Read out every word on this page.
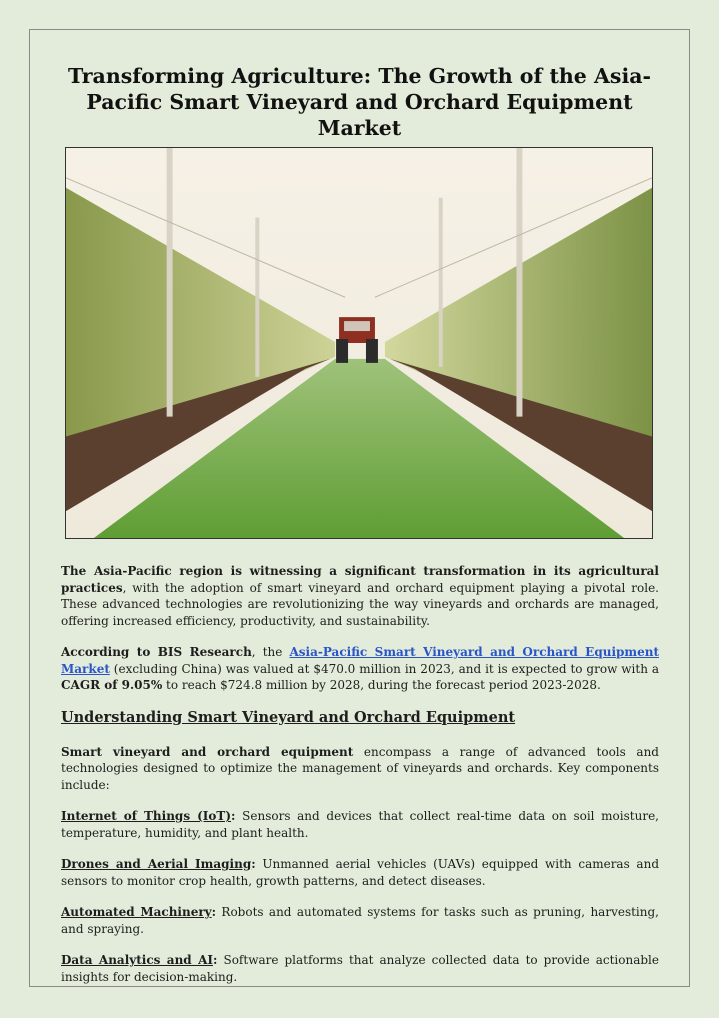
Transforming Agriculture: The Growth of the Asia-Pacific Smart Vineyard and Orchard Equipment Market

The Asia-Pacific region is witnessing a significant transformation in its agricultural practices, with the adoption of smart vineyard and orchard equipment playing a pivotal role. These advanced technologies are revolutionizing the way vineyards and orchards are managed, offering increased efficiency, productivity, and sustainability.

According to BIS Research, the Asia-Pacific Smart Vineyard and Orchard Equipment Market (excluding China) was valued at $470.0 million in 2023, and it is expected to grow with a CAGR of 9.05% to reach $724.8 million by 2028, during the forecast period 2023-2028.

Understanding Smart Vineyard and Orchard Equipment

Smart vineyard and orchard equipment encompass a range of advanced tools and technologies designed to optimize the management of vineyards and orchards. Key components include:

Internet of Things (IoT): Sensors and devices that collect real-time data on soil moisture, temperature, humidity, and plant health.

Drones and Aerial Imaging: Unmanned aerial vehicles (UAVs) equipped with cameras and sensors to monitor crop health, growth patterns, and detect diseases.

Automated Machinery: Robots and automated systems for tasks such as pruning, harvesting, and spraying.

Data Analytics and AI: Software platforms that analyze collected data to provide actionable insights for decision-making.
